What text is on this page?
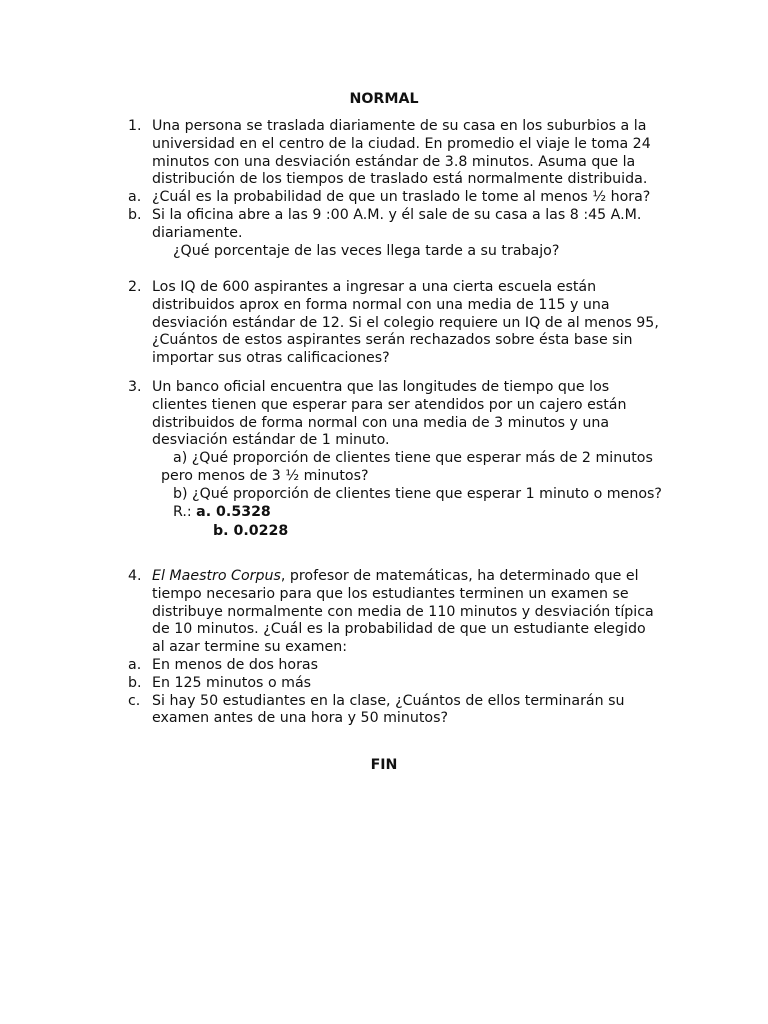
NORMAL
1. Una persona se traslada diariamente de su casa en los suburbios a la universidad en el centro de la ciudad. En promedio el viaje le toma 24 minutos con una desviación estándar de 3.8 minutos. Asuma que la distribución de los tiempos de traslado está normalmente distribuida.
a. ¿Cuál es la probabilidad de que un traslado le tome al menos ½ hora?
b. Si la oficina abre a las 9 :00 A.M. y él sale de su casa a las 8 :45 A.M. diariamente.
¿Qué porcentaje de las veces llega tarde a su trabajo?
2. Los IQ de 600 aspirantes a ingresar a una cierta escuela están distribuidos aprox en forma normal con una media de 115 y una desviación estándar de 12. Si el colegio requiere un IQ de al menos 95, ¿Cuántos de estos aspirantes serán rechazados sobre ésta base sin importar sus otras calificaciones?
3. Un banco oficial encuentra que las longitudes de tiempo que los clientes tienen que esperar para ser atendidos por un cajero están distribuidos de forma normal con una media de 3 minutos y una desviación estándar de 1 minuto.
a) ¿Qué proporción de clientes tiene que esperar más de 2 minutos
pero menos de 3 ½ minutos?
b) ¿Qué proporción de clientes tiene que esperar 1 minuto o menos?
R.: a. 0.5328
b. 0.0228
4. El Maestro Corpus, profesor de matemáticas, ha determinado que el tiempo necesario para que los estudiantes terminen un examen se distribuye normalmente con media de 110 minutos y desviación típica de 10 minutos. ¿Cuál es la probabilidad de que un estudiante elegido al azar termine su examen:
a. En menos de dos horas
b. En 125 minutos o más
c. Si hay 50 estudiantes en la clase, ¿Cuántos de ellos terminarán su examen antes de una hora y 50 minutos?
FIN
